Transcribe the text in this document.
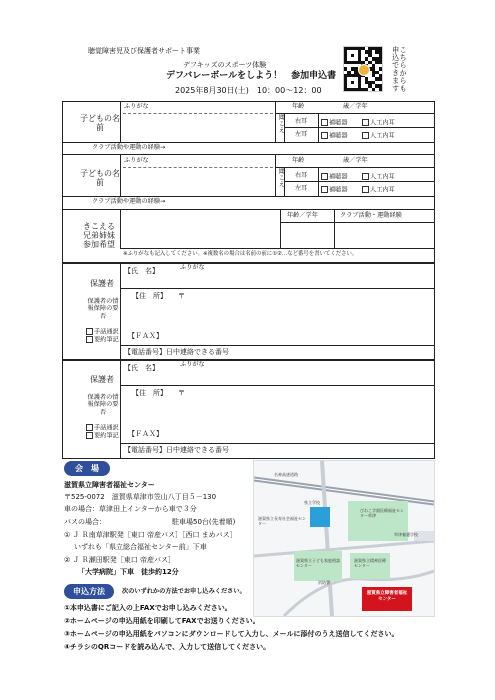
聴覚障害児及び保護者サポート事業
デフキッズのスポーツ体験
デフバレーボールをしよう！　参加申込書
2025年8月30日(土)　10：00〜12：00	こちらからも申込できます
子どもの名前
ふりがな	年齢	歳／学年
聞こえ 右耳	補聴器	人工内耳
左耳	補聴器	人工内耳
クラブ活動や運動の経験→
子どもの名前
ふりがな	年齢	歳／学年
聞こえ 右耳	補聴器	人工内耳
左耳	補聴器	人工内耳
クラブ活動や運動の経験→
きこえる兄弟姉妹参加希望
年齢／学年	クラブ活動・運動経験
※ふりがなも記入してください。※複数名の場合は名前の前に①②…など番号を書いてください。
保護者
保護者の情報保障の要否
手話通訳
要約筆記
【氏　名】	ふりがな
【住　所】 〒
【ＦＡＸ】
【電話番号】日中連絡できる番号
保護者
保護者の情報保障の要否
手話通訳
要約筆記
【氏　名】	ふりがな
【住　所】 〒
【ＦＡＸ】
【電話番号】日中連絡できる番号
会　場
滋賀県立障害者福祉センター
〒525-0072　滋賀県草津市笠山八丁目５－130
車の場合：草津田上インターから車で３分
バスの場合：	駐車場50台(先着順)
① Ｊ Ｒ南草津駅発［東口 帝産バス］［西口 まめバス］
いずれも「県立総合福祉センター前」下車
② Ｊ Ｒ瀬田駅発［東口 帝産バス］
「大学病院」下車　徒歩約12分
名神高速道路
県立学校
滋賀県立長寿社会福祉センター
びわこ学園医療福祉センター草津
草津養護学校
滋賀県立子ども家庭相談センター
滋賀県立精神医療センター
消防署
滋賀県立障害者福祉センター
申込方法	次のいずれかの方法でお申し込みください。
①本申込書にご記入の上FAXでお申し込みください。
②ホームページの申込用紙を印刷してFAXでお送りください。
③ホームページの申込用紙をパソコンにダウンロードして入力し、メールに添付のうえ送信してください。
④チラシのQRコードを読み込んで、入力して送信してください。
